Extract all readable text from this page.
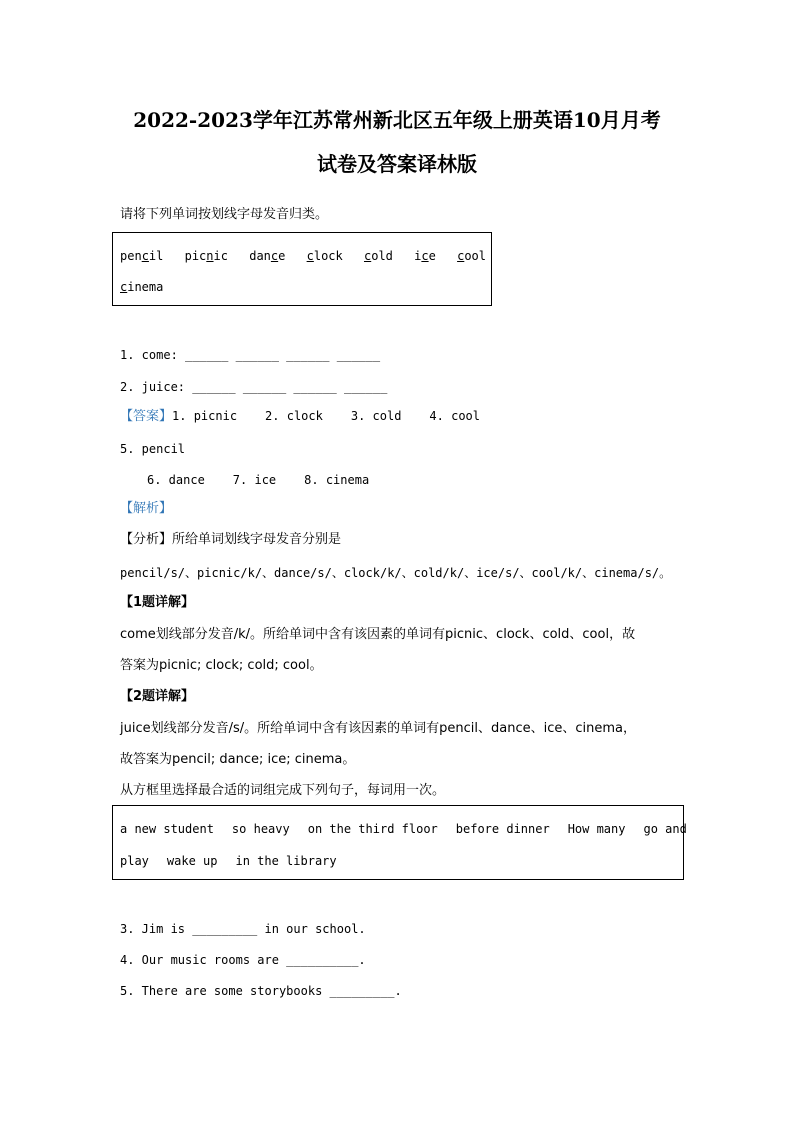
2022-2023学年江苏常州新北区五年级上册英语10月月考
试卷及答案译林版
请将下列单词按划线字母发音归类。
pencil picnic dance clock cold ice cool
cinema
1. come: ______ ______ ______ ______
2. juice: ______ ______ ______ ______
【答案】1. picnic 2. clock 3. cold 4. cool
5. pencil
6. dance 7. ice 8. cinema
【解析】
【分析】所给单词划线字母发音分别是
pencil/s/、picnic/k/、dance/s/、clock/k/、cold/k/、ice/s/、cool/k/、cinema/s/。
【1题详解】
come划线部分发音/k/。所给单词中含有该因素的单词有picnic、clock、cold、cool，故
答案为picnic; clock; cold; cool。
【2题详解】
juice划线部分发音/s/。所给单词中含有该因素的单词有pencil、dance、ice、cinema，
故答案为pencil; dance; ice; cinema。
从方框里选择最合适的词组完成下列句子，每词用一次。
a new student so heavy on the third floor before dinner How many go and
play wake up in the library
3. Jim is _________ in our school.
4. Our music rooms are __________.
5. There are some storybooks _________.
